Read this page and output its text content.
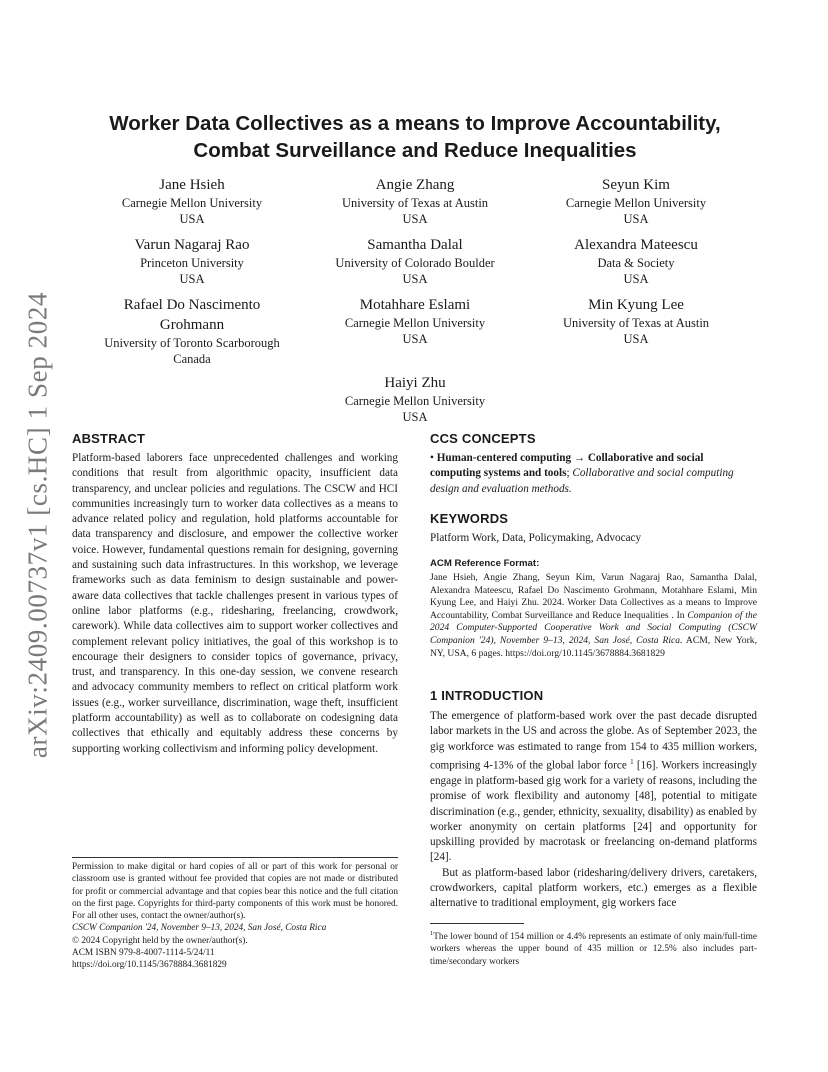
arXiv:2409.00737v1 [cs.HC] 1 Sep 2024
Worker Data Collectives as a means to Improve Accountability,
Combat Surveillance and Reduce Inequalities
Jane Hsieh
Carnegie Mellon University
USA
Angie Zhang
University of Texas at Austin
USA
Seyun Kim
Carnegie Mellon University
USA
Varun Nagaraj Rao
Princeton University
USA
Samantha Dalal
University of Colorado Boulder
USA
Alexandra Mateescu
Data & Society
USA
Rafael Do Nascimento
Grohmann
University of Toronto Scarborough
Canada
Motahhare Eslami
Carnegie Mellon University
USA
Min Kyung Lee
University of Texas at Austin
USA
Haiyi Zhu
Carnegie Mellon University
USA
ABSTRACT

Platform-based laborers face unprecedented challenges and working conditions that result from algorithmic opacity, insufficient data transparency, and unclear policies and regulations. The CSCW and HCI communities increasingly turn to worker data collectives as a means to advance related policy and regulation, hold platforms accountable for data transparency and disclosure, and empower the collective worker voice. However, fundamental questions remain for designing, governing and sustaining such data infrastructures. In this workshop, we leverage frameworks such as data feminism to design sustainable and power-aware data collectives that tackle challenges present in various types of online labor platforms (e.g., ridesharing, freelancing, crowdwork, carework). While data collectives aim to support worker collectives and complement relevant policy initiatives, the goal of this workshop is to encourage their designers to consider topics of governance, privacy, trust, and transparency. In this one-day session, we convene research and advocacy community members to reflect on critical platform work issues (e.g., worker surveillance, discrimination, wage theft, insufficient platform accountability) as well as to collaborate on codesigning data collectives that ethically and equitably address these concerns by supporting working collectivism and informing policy development.

Permission to make digital or hard copies of all or part of this work for personal or classroom use is granted without fee provided that copies are not made or distributed for profit or commercial advantage and that copies bear this notice and the full citation on the first page. Copyrights for third-party components of this work must be honored. For all other uses, contact the owner/author(s).

CSCW Companion '24, November 9–13, 2024, San José, Costa Rica

© 2024 Copyright held by the owner/author(s).

ACM ISBN 979-8-4007-1114-5/24/11

https://doi.org/10.1145/3678884.3681829

CCS CONCEPTS

• Human-centered computing → Collaborative and social computing systems and tools; Collaborative and social computing design and evaluation methods.

KEYWORDS
Platform Work, Data, Policymaking, Advocacy
ACM Reference Format:

Jane Hsieh, Angie Zhang, Seyun Kim, Varun Nagaraj Rao, Samantha Dalal, Alexandra Mateescu, Rafael Do Nascimento Grohmann, Motahhare Eslami, Min Kyung Lee, and Haiyi Zhu. 2024. Worker Data Collectives as a means to Improve Accountability, Combat Surveillance and Reduce Inequalities . In Companion of the 2024 Computer-Supported Cooperative Work and Social Computing (CSCW Companion '24), November 9–13, 2024, San José, Costa Rica. ACM, New York, NY, USA, 6 pages. https://doi.org/10.1145/3678884.3681829

1 INTRODUCTION

The emergence of platform-based work over the past decade disrupted labor markets in the US and across the globe. As of September 2023, the gig workforce was estimated to range from 154 to 435 million workers, comprising 4-13% of the global labor force $^1$ [16]. Workers increasingly engage in platform-based gig work for a variety of reasons, including the promise of work flexibility and autonomy [48], potential to mitigate discrimination (e.g., gender, ethnicity, sexuality, disability) as enabled by worker anonymity on certain platforms [24] and opportunity for upskilling provided by macrotask or freelancing on-demand platforms [24].

But as platform-based labor (ridesharing/delivery drivers, caretakers, crowdworkers, capital platform workers, etc.) emerges as a flexible alternative to traditional employment, gig workers face

$^1$The lower bound of 154 million or 4.4% represents an estimate of only main/full-time workers whereas the upper bound of 435 million or 12.5% also includes part-time/secondary workers
